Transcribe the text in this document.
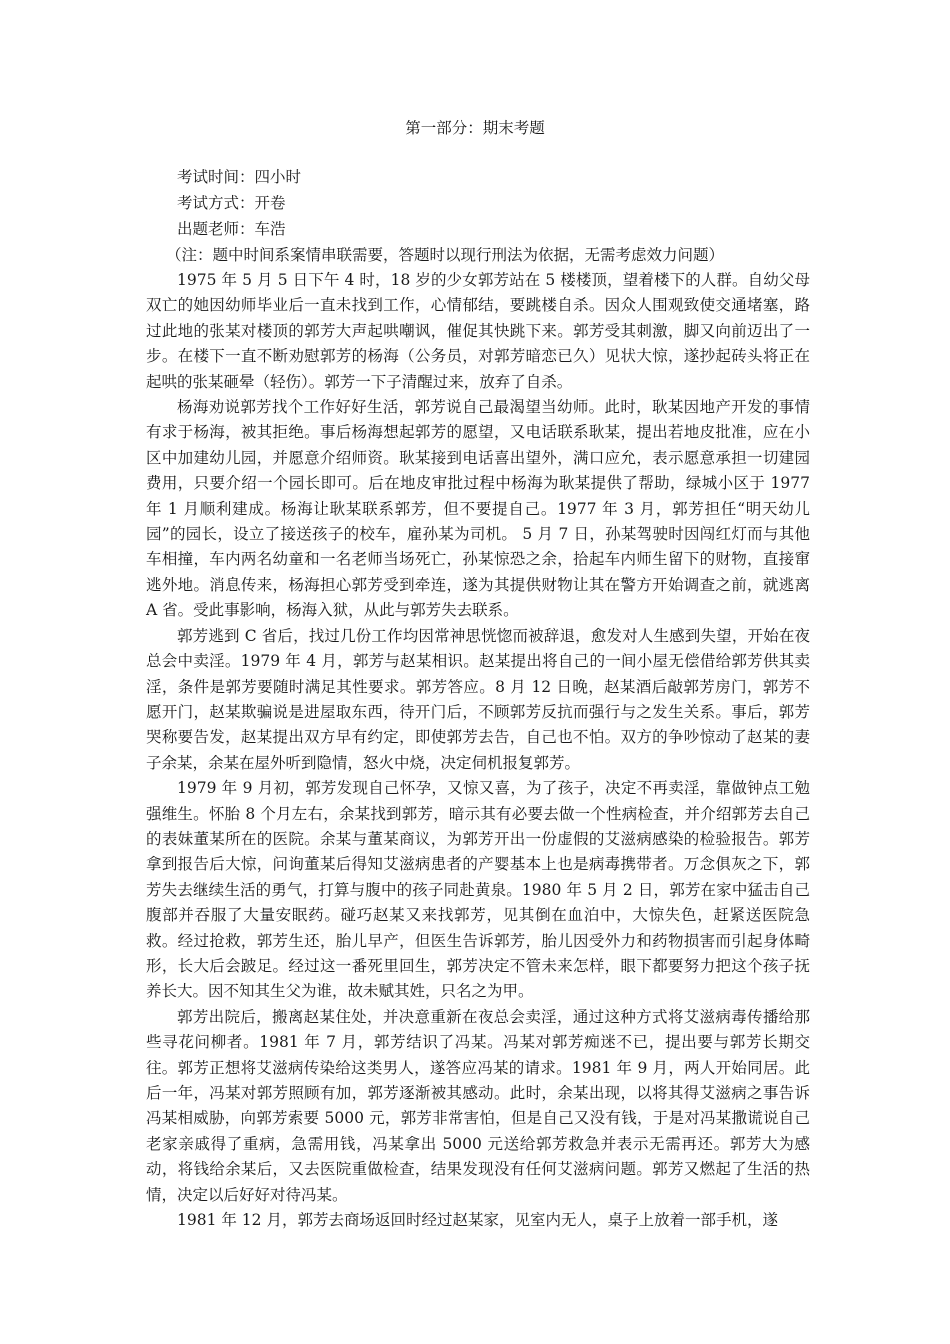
第一部分：期末考题

考试时间：四小时

考试方式：开卷

出题老师：车浩

（注：题中时间系案情串联需要，答题时以现行刑法为依据，无需考虑效力问题）

1975 年 5 月 5 日下午 4 时，18 岁的少女郭芳站在 5 楼楼顶，望着楼下的人群。自幼父母双亡的她因幼师毕业后一直未找到工作，心情郁结，要跳楼自杀。因众人围观致使交通堵塞，路过此地的张某对楼顶的郭芳大声起哄嘲讽，催促其快跳下来。郭芳受其刺激，脚又向前迈出了一步。在楼下一直不断劝慰郭芳的杨海（公务员，对郭芳暗恋已久）见状大惊，遂抄起砖头将正在起哄的张某砸晕（轻伤）。郭芳一下子清醒过来，放弃了自杀。

杨海劝说郭芳找个工作好好生活，郭芳说自己最渴望当幼师。此时，耿某因地产开发的事情有求于杨海，被其拒绝。事后杨海想起郭芳的愿望，又电话联系耿某，提出若地皮批准，应在小区中加建幼儿园，并愿意介绍师资。耿某接到电话喜出望外，满口应允，表示愿意承担一切建园费用，只要介绍一个园长即可。后在地皮审批过程中杨海为耿某提供了帮助，绿城小区于 1977 年 1 月顺利建成。杨海让耿某联系郭芳，但不要提自己。1977 年 3 月，郭芳担任“明天幼儿园”的园长，设立了接送孩子的校车，雇孙某为司机。 5 月 7 日，孙某驾驶时因闯红灯而与其他车相撞，车内两名幼童和一名老师当场死亡，孙某惊恐之余，拾起车内师生留下的财物，直接窜逃外地。消息传来，杨海担心郭芳受到牵连，遂为其提供财物让其在警方开始调查之前，就逃离 A 省。受此事影响，杨海入狱，从此与郭芳失去联系。

郭芳逃到 C 省后，找过几份工作均因常神思恍惚而被辞退，愈发对人生感到失望，开始在夜总会中卖淫。1979 年 4 月，郭芳与赵某相识。赵某提出将自己的一间小屋无偿借给郭芳供其卖淫，条件是郭芳要随时满足其性要求。郭芳答应。8 月 12 日晚，赵某酒后敲郭芳房门，郭芳不愿开门，赵某欺骗说是进屋取东西，待开门后，不顾郭芳反抗而强行与之发生关系。事后，郭芳哭称要告发，赵某提出双方早有约定，即使郭芳去告，自己也不怕。双方的争吵惊动了赵某的妻子余某，余某在屋外听到隐情，怒火中烧，决定伺机报复郭芳。

1979 年 9 月初，郭芳发现自己怀孕，又惊又喜，为了孩子，决定不再卖淫，靠做钟点工勉强维生。怀胎 8 个月左右，余某找到郭芳，暗示其有必要去做一个性病检查，并介绍郭芳去自己的表妹董某所在的医院。余某与董某商议，为郭芳开出一份虚假的艾滋病感染的检验报告。郭芳拿到报告后大惊，问询董某后得知艾滋病患者的产婴基本上也是病毒携带者。万念俱灰之下，郭芳失去继续生活的勇气，打算与腹中的孩子同赴黄泉。1980 年 5 月 2 日，郭芳在家中猛击自己腹部并吞服了大量安眠药。碰巧赵某又来找郭芳，见其倒在血泊中，大惊失色，赶紧送医院急救。经过抢救，郭芳生还，胎儿早产，但医生告诉郭芳，胎儿因受外力和药物损害而引起身体畸形，长大后会跛足。经过这一番死里回生，郭芳决定不管未来怎样，眼下都要努力把这个孩子抚养长大。因不知其生父为谁，故未赋其姓，只名之为甲。

郭芳出院后，搬离赵某住处，并决意重新在夜总会卖淫，通过这种方式将艾滋病毒传播给那些寻花问柳者。1981 年 7 月，郭芳结识了冯某。冯某对郭芳痴迷不已，提出要与郭芳长期交往。郭芳正想将艾滋病传染给这类男人，遂答应冯某的请求。1981 年 9 月，两人开始同居。此后一年，冯某对郭芳照顾有加，郭芳逐渐被其感动。此时，余某出现，以将其得艾滋病之事告诉冯某相威胁，向郭芳索要 5000 元，郭芳非常害怕，但是自己又没有钱，于是对冯某撒谎说自己老家亲戚得了重病，急需用钱，冯某拿出 5000 元送给郭芳救急并表示无需再还。郭芳大为感动，将钱给余某后，又去医院重做检查，结果发现没有任何艾滋病问题。郭芳又燃起了生活的热情，决定以后好好对待冯某。

1981 年 12 月，郭芳去商场返回时经过赵某家，见室内无人，桌子上放着一部手机，遂
